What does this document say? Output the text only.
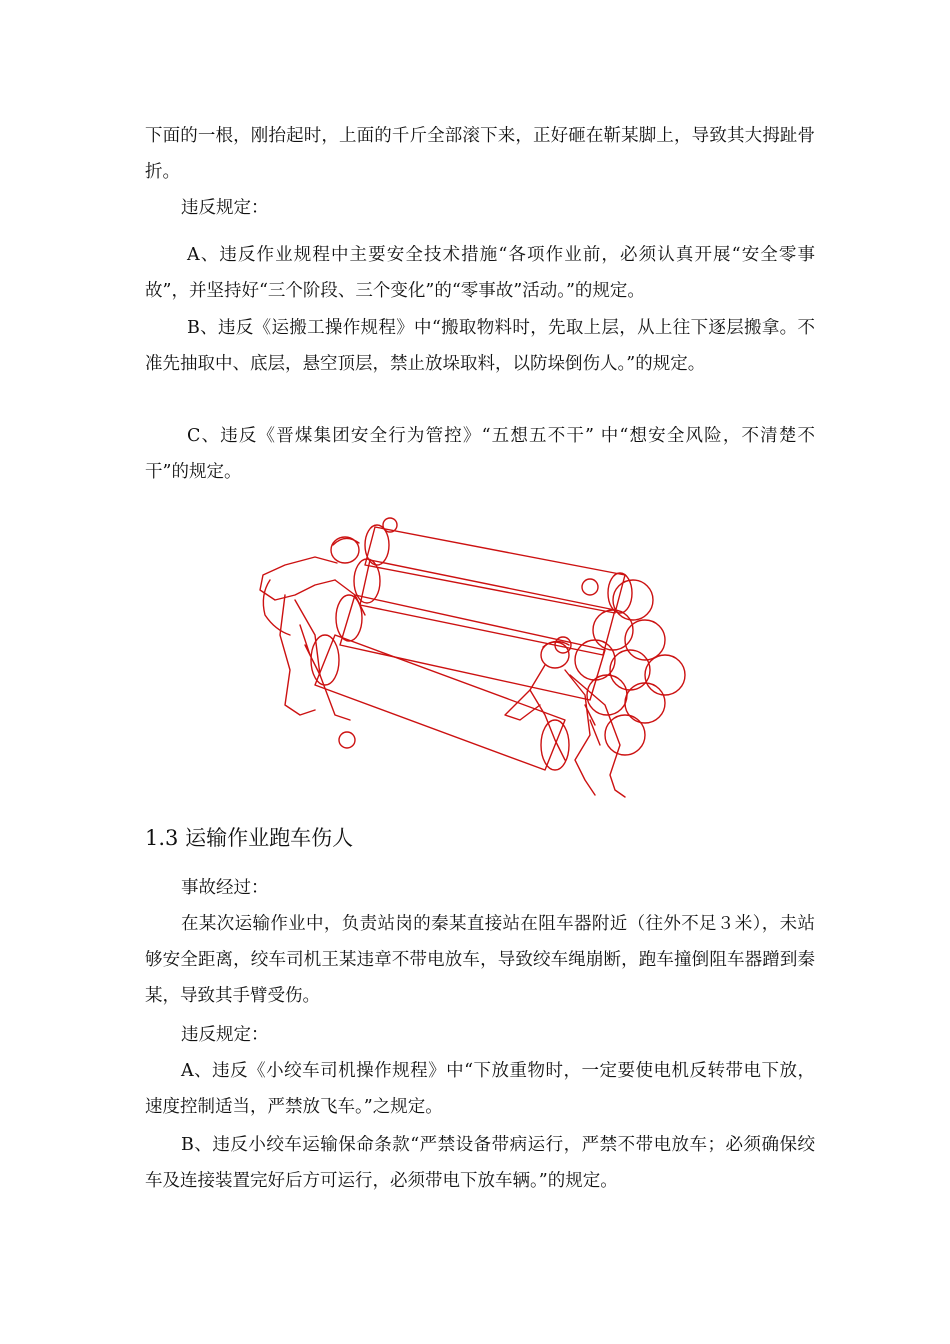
下面的一根，刚抬起时，上面的千斤全部滚下来，正好砸在靳某脚上，导致其大拇趾骨折。

违反规定：

A、违反作业规程中主要安全技术措施“各项作业前，必须认真开展“安全零事故”，并坚持好“三个阶段、三个变化”的“零事故”活动。”的规定。

B、违反《运搬工操作规程》中“搬取物料时，先取上层，从上往下逐层搬拿。不准先抽取中、底层，悬空顶层，禁止放垛取料，以防垛倒伤人。”的规定。

C、违反《晋煤集团安全行为管控》“五想五不干” 中“想安全风险，不清楚不干”的规定。

1.3 运输作业跑车伤人

事故经过：

在某次运输作业中，负责站岗的秦某直接站在阻车器附近（往外不足３米），未站够安全距离，绞车司机王某违章不带电放车，导致绞车绳崩断，跑车撞倒阻车器蹭到秦某，导致其手臂受伤。

违反规定：

A、违反《小绞车司机操作规程》中“下放重物时，一定要使电机反转带电下放，速度控制适当，严禁放飞车。”之规定。

B、违反小绞车运输保命条款“严禁设备带病运行，严禁不带电放车；必须确保绞车及连接装置完好后方可运行，必须带电下放车辆。”的规定。
